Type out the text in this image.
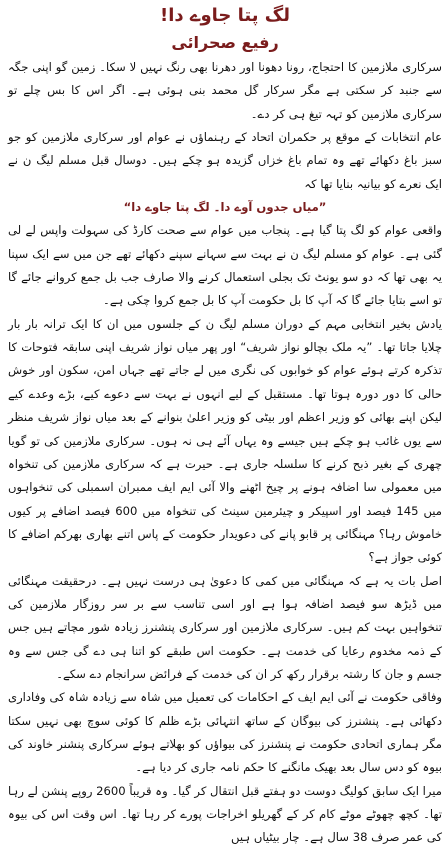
لگ پتا جاوے دا!
رفیع صحرائی

سرکاری ملازمین کا احتجاج، رونا دھونا اور دھرنا بھی رنگ نہیں لا سکا۔ زمین گو اپنی جگہ سے جنبد کر سکتی ہے مگر سرکار گل محمد بنی ہوئی ہے۔ اگر اس کا بس چلے تو سرکاری ملازمین کو تہہ تیغ ہی کر دے۔

عام انتخابات کے موقع پر حکمران اتحاد کے رہنماؤں نے عوام اور سرکاری ملازمین کو جو سبز باغ دکھائے تھے وہ تمام باغ خزاں گزیدہ ہو چکے ہیں۔ دوسال قبل مسلم لیگ ن نے ایک نعرے کو بیانیہ بنایا تھا کہ

”میاں جدوں آوے دا۔ لگ پتا جاوے دا“

واقعی عوام کو لگ پتا گیا ہے۔ پنجاب میں عوام سے صحت کارڈ کی سہولت واپس لے لی گئی ہے۔ عوام کو مسلم لیگ ن نے بہت سے سہانے سپنے دکھائے تھے جن میں سے ایک سپنا یہ بھی تھا کہ دو سو یونٹ تک بجلی استعمال کرنے والا صارف جب بل جمع کروانے جائے گا تو اسے بتایا جائے گا کہ آپ کا بل حکومت آپ کا بل جمع کروا چکی ہے۔

یادش بخیر انتخابی مہم کے دوران مسلم لیگ ن کے جلسوں میں ان کا ایک ترانہ بار بار چلایا جاتا تھا۔ ”یہ ملک بچالو نواز شریف“ اور پھر میاں نواز شریف اپنی سابقہ فتوحات کا تذکرہ کرتے ہوئے عوام کو خوابوں کی نگری میں لے جاتے تھے جہاں امن، سکون اور خوش حالی کا دور دورہ ہوتا تھا۔ مستقبل کے لیے انہوں نے بہت سے دعوے کیے، بڑے وعدے کیے لیکن اپنے بھائی کو وزیر اعظم اور بیٹی کو وزیر اعلیٰ بنوانے کے بعد میاں نواز شریف منظر سے یوں غائب ہو چکے ہیں جیسے وہ یہاں آئے ہی نہ ہوں۔ سرکاری ملازمین کی تو گویا چھری کے بغیر ذبح کرنے کا سلسلہ جاری ہے۔ حیرت ہے کہ سرکاری ملازمین کی تنخواہ میں معمولی سا اضافہ ہونے پر چیخ اٹھنے والا آئی ایم ایف ممبران اسمبلی کی تنخواہوں میں 145 فیصد اور اسپیکر و چیئرمین سینٹ کی تنخواہ میں 600 فیصد اضافے پر کیوں خاموش رہا؟ مہنگائی پر قابو پانے کی دعویدار حکومت کے پاس اتنے بھاری بھرکم اضافے کا کوئی جواز ہے؟

اصل بات یہ ہے کہ مہنگائی میں کمی کا دعویٰ ہی درست نہیں ہے۔ درحقیقت مہنگائی میں ڈیڑھ سو فیصد اضافہ ہوا ہے اور اسی تناسب سے بر سر روزگار ملازمین کی تنخواہیں بہت کم ہیں۔ سرکاری ملازمین اور سرکاری پنشنرز زیادہ شور مچاتے ہیں جس کے ذمہ مخدوم رعایا کی خدمت ہے۔ حکومت اس طبقے کو اتنا ہی دے گی جس سے وہ جسم و جان کا رشتہ برقرار رکھ کر ان کی خدمت کے فرائض سرانجام دے سکے۔

وفاقی حکومت نے آئی ایم ایف کے احکامات کی تعمیل میں شاہ سے زیادہ شاہ کی وفاداری دکھائی ہے۔ پنشنرز کی بیوگان کے ساتھ انتہائی بڑے ظلم کا کوئی سوچ بھی نہیں سکتا مگر ہماری اتحادی حکومت نے پنشنرز کی بیواؤں کو بھلاتے ہوئے سرکاری پنشنر خاوند کی بیوہ کو دس سال بعد بھیک مانگنے کا حکم نامہ جاری کر دیا ہے۔

میرا ایک سابق کولیگ دوست دو ہفتے قبل انتقال کر گیا۔ وہ قریباً 2600 روپے پنشن لے رہا تھا۔ کچھ چھوٹے موٹے کام کر کے گھریلو اخراجات پورے کر رہا تھا۔ اس وقت اس کی بیوہ کی عمر صرف 38 سال ہے۔ چار بیٹیاں ہیں
